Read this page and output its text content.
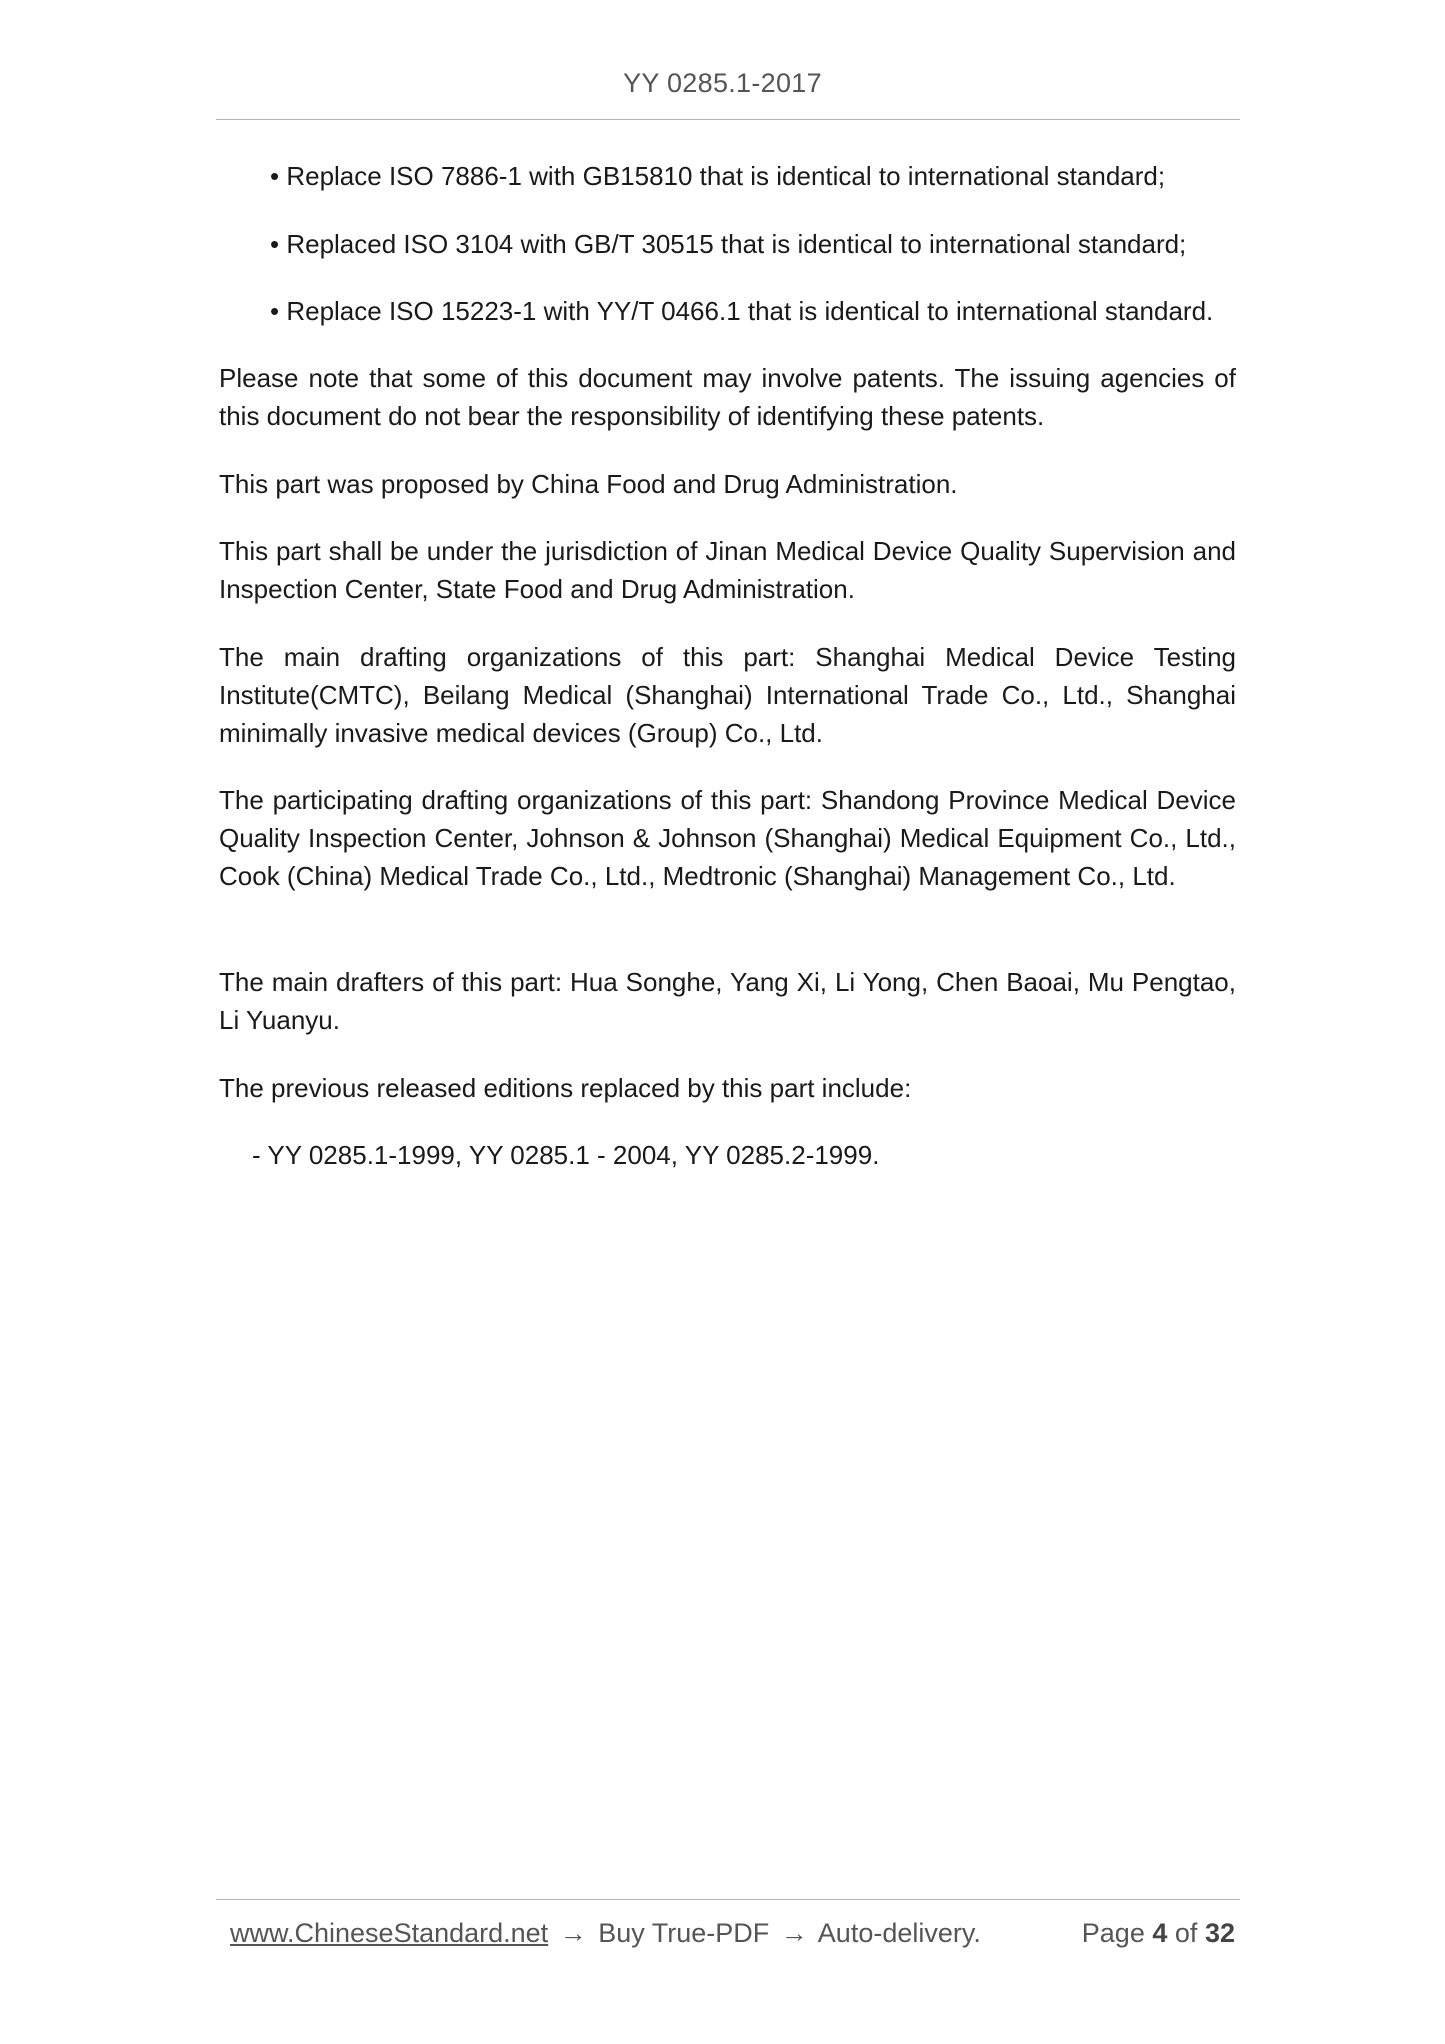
YY 0285.1-2017
• Replace ISO 7886-1 with GB15810 that is identical to international standard;
• Replaced ISO 3104 with GB/T 30515 that is identical to international standard;
• Replace ISO 15223-1 with YY/T 0466.1 that is identical to international standard.
Please note that some of this document may involve patents. The issuing agencies of this document do not bear the responsibility of identifying these patents.
This part was proposed by China Food and Drug Administration.
This part shall be under the jurisdiction of Jinan Medical Device Quality Supervision and Inspection Center, State Food and Drug Administration.
The main drafting organizations of this part: Shanghai Medical Device Testing Institute(CMTC), Beilang Medical (Shanghai) International Trade Co., Ltd., Shanghai minimally invasive medical devices (Group) Co., Ltd.
The participating drafting organizations of this part: Shandong Province Medical Device Quality Inspection Center, Johnson & Johnson (Shanghai) Medical Equipment Co., Ltd., Cook (China) Medical Trade Co., Ltd., Medtronic (Shanghai) Management Co., Ltd.
The main drafters of this part: Hua Songhe, Yang Xi, Li Yong, Chen Baoai, Mu Pengtao, Li Yuanyu.
The previous released editions replaced by this part include:
- YY 0285.1-1999, YY 0285.1 - 2004, YY 0285.2-1999.
www.ChineseStandard.net → Buy True-PDF → Auto-delivery.	Page 4 of 32
